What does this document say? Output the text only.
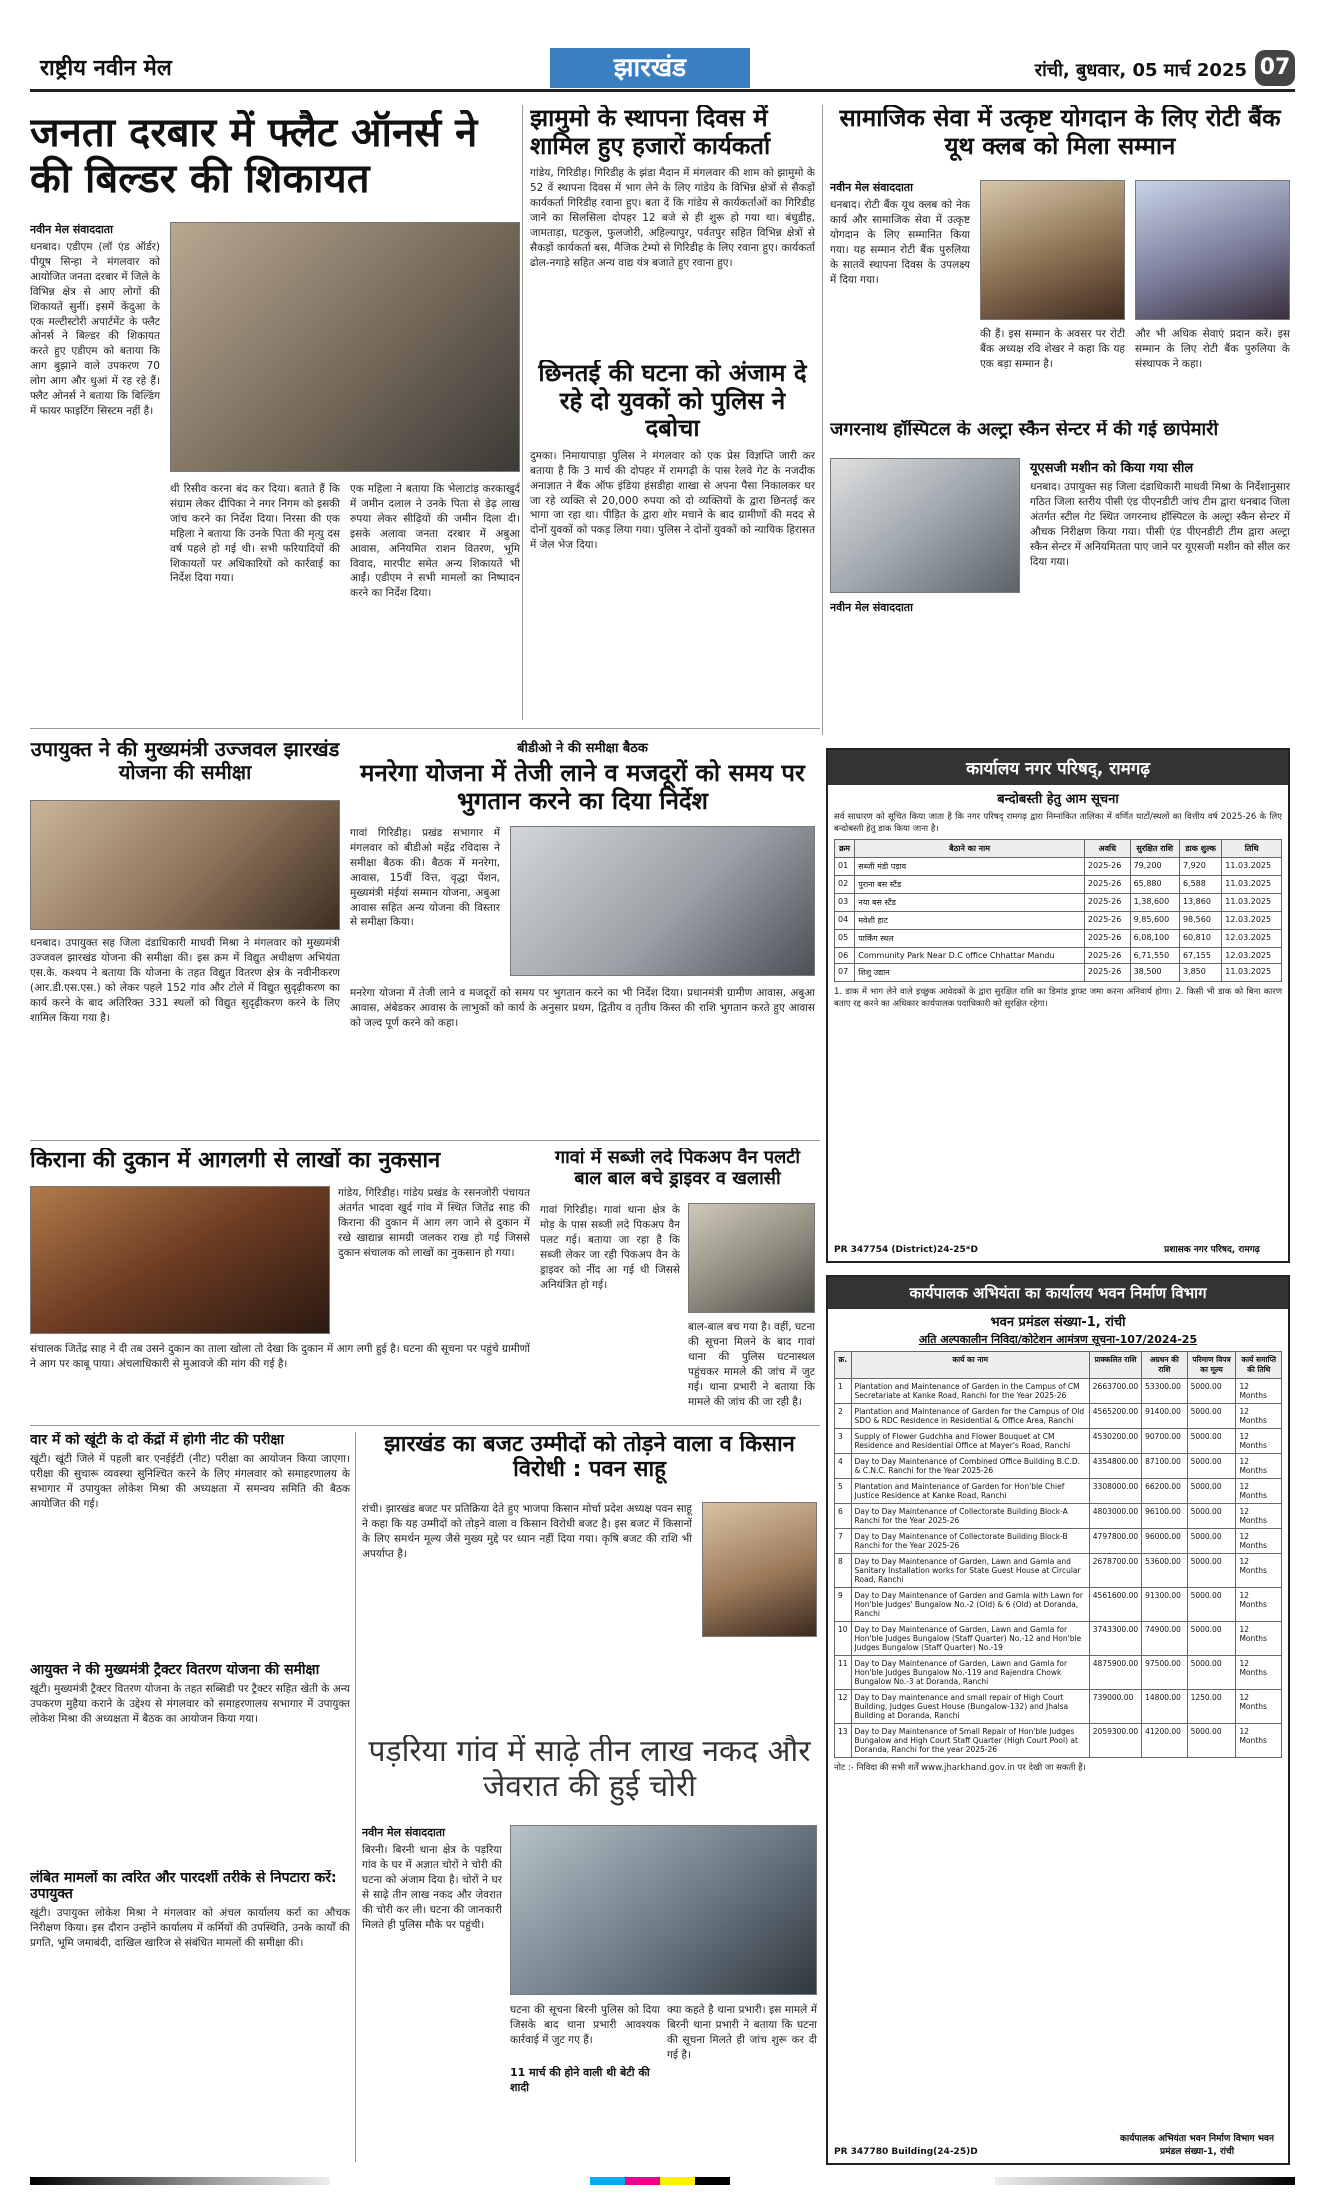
राष्ट्रीय नवीन मेल	झारखंड	रांची, बुधवार, 05 मार्च 2025 07
जनता दरबार में फ्लैट ऑनर्स ने की बिल्डर की शिकायत
नवीन मेल संवाददाता
धनबाद। एडीएम (लॉ एंड ऑर्डर) पीयूष सिन्हा ने मंगलवार को आयोजित जनता दरबार में जिले के विभिन्न क्षेत्र से आए लोगों की शिकायतें सुनीं। इसमें केंदुआ के एक मल्टीस्टोरी अपार्टमेंट के फ्लैट ओनर्स ने बिल्डर की शिकायत करते हुए एडीएम को बताया कि आग बुझाने वाले उपकरण 70 लोग आग और धुआं में रह रहे हैं। फ्लैट ओनर्स ने बताया कि बिल्डिंग में फायर फाइटिंग सिस्टम नहीं है।
थी रिसीव करना बंद कर दिया। बताते हैं कि संग्राम लेकर दीपिका ने नगर निगम को इसकी जांच करने का निर्देश दिया। निरसा की एक महिला ने बताया कि उनके पिता की मृत्यु दस वर्ष पहले हो गई थी। सभी फरियादियों की शिकायतों पर अधिकारियों को कार्रवाई का निर्देश दिया गया।
एक महिला ने बताया कि भेलाटांड़ करकाखुर्द में जमीन दलाल ने उनके पिता से डेढ़ लाख रुपया लेकर सीढ़ियों की जमीन दिला दी। इसके अलावा जनता दरबार में अबुआ आवास, अनियमित राशन वितरण, भूमि विवाद, मारपीट समेत अन्य शिकायतें भी आईं। एडीएम ने सभी मामलों का निष्पादन करने का निर्देश दिया।
झामुमो के स्थापना दिवस में शामिल हुए हजारों कार्यकर्ता
गांडेय, गिरिडीह। गिरिडीह के झंडा मैदान में मंगलवार की शाम को झामुमो के 52 वें स्थापना दिवस में भाग लेने के लिए गांडेय के विभिन्न क्षेत्रों से सैकड़ों कार्यकर्ता गिरिडीह रवाना हुए। बता दें कि गांडेय से कार्यकर्ताओं का गिरिडीह जाने का सिलसिला दोपहर 12 बजे से ही शुरू हो गया था। बंधुडीह, जामताड़ा, घटकुल, फुलजोरी, अहिल्यापुर, पर्वतपुर सहित विभिन्न क्षेत्रों से सैकड़ों कार्यकर्ता बस, मैजिक टेम्पो से गिरिडीह के लिए रवाना हुए। कार्यकर्ता ढोल-नगाड़े सहित अन्य वाद्य यंत्र बजाते हुए रवाना हुए।
छिनतई की घटना को अंजाम दे रहे दो युवकों को पुलिस ने दबोचा
दुमका। निमायापाड़ा पुलिस ने मंगलवार को एक प्रेस विज्ञप्ति जारी कर बताया है कि 3 मार्च की दोपहर में रामगढ़ी के पास रेलवे गेट के नजदीक अनाज्ञात ने बैंक ऑफ इंडिया हंसडीहा शाखा से अपना पैसा निकालकर घर जा रहे व्यक्ति से 20,000 रुपया को दो व्यक्तियों के द्वारा छिनतई कर भागा जा रहा था। पीड़ित के द्वारा शोर मचाने के बाद ग्रामीणों की मदद से दोनों युवकों को पकड़ लिया गया। पुलिस ने दोनों युवकों को न्यायिक हिरासत में जेल भेज दिया।
सामाजिक सेवा में उत्कृष्ट योगदान के लिए रोटी बैंक यूथ क्लब को मिला सम्मान
नवीन मेल संवाददाता
धनबाद। रोटी बैंक यूथ क्लब को नेक कार्य और सामाजिक सेवा में उत्कृष्ट योगदान के लिए सम्मानित किया गया। यह सम्मान रोटी बैंक पुरुलिया के सातवें स्थापना दिवस के उपलक्ष्य में दिया गया।
की हैं। इस सम्मान के अवसर पर रोटी बैंक अध्यक्ष रवि शेखर ने कहा कि यह एक बड़ा सम्मान है।
और भी अधिक सेवाएं प्रदान करें। इस सम्मान के लिए रोटी बैंक पुरुलिया के संस्थापक ने कहा।
जगरनाथ हॉस्पिटल के अल्ट्रा स्कैन सेन्टर में की गई छापेमारी
नवीन मेल संवाददाता
यूएसजी मशीन को किया गया सील
धनबाद। उपायुक्त सह जिला दंडाधिकारी माधवी मिश्रा के निर्देशानुसार गठित जिला स्तरीय पीसी एंड पीएनडीटी जांच टीम द्वारा धनबाद जिला अंतर्गत स्टील गेट स्थित जगरनाथ हॉस्पिटल के अल्ट्रा स्कैन सेन्टर में औचक निरीक्षण किया गया। पीसी एंड पीएनडीटी टीम द्वारा अल्ट्रा स्कैन सेन्टर में अनियमितता पाए जाने पर यूएसजी मशीन को सील कर दिया गया।
उपायुक्त ने की मुख्यमंत्री उज्जवल झारखंड योजना की समीक्षा
धनबाद। उपायुक्त सह जिला दंडाधिकारी माधवी मिश्रा ने मंगलवार को मुख्यमंत्री उज्जवल झारखंड योजना की समीक्षा की। इस क्रम में विद्युत अधीक्षण अभियंता एस.के. कश्यप ने बताया कि योजना के तहत विद्युत वितरण क्षेत्र के नवीनीकरण (आर.डी.एस.एस.) को लेकर पहले 152 गांव और टोले में विद्युत सुदृढ़ीकरण का कार्य करने के बाद अतिरिक्त 331 स्थलों को विद्युत सुदृढ़ीकरण करने के लिए शामिल किया गया है।
बीडीओ ने की समीक्षा बैठक
मनरेगा योजना में तेजी लाने व मजदूरों को समय पर भुगतान करने का दिया निर्देश
गावां गिरिडीह। प्रखंड सभागार में मंगलवार को बीडीओ महेंद्र रविदास ने समीक्षा बैठक की। बैठक में मनरेगा, आवास, 15वीं वित्त, वृद्धा पेंशन, मुख्यमंत्री मंईयां सम्मान योजना, अबुआ आवास सहित अन्य योजना की विस्तार से समीक्षा किया।
मनरेगा योजना में तेजी लाने व मजदूरों को समय पर भुगतान करने का भी निर्देश दिया। प्रधानमंत्री ग्रामीण आवास, अबुआ आवास, अंबेडकर आवास के लाभुकों को कार्य के अनुसार प्रथम, द्वितीय व तृतीय किस्त की राशि भुगतान करते हुए आवास को जल्द पूर्ण करने को कहा।
किराना की दुकान में आगलगी से लाखों का नुकसान
गांडेय, गिरिडीह। गांडेय प्रखंड के रसनजोरी पंचायत अंतर्गत भादवा खुर्द गांव में स्थित जितेंद्र साह की किराना की दुकान में आग लग जाने से दुकान में रखे खाद्यान्न सामग्री जलकर राख हो गई जिससे दुकान संचालक को लाखों का नुकसान हो गया।
संचालक जितेंद्र साह ने दी तब उसने दुकान का ताला खोला तो देखा कि दुकान में आग लगी हुई है। घटना की सूचना पर पहुंचे ग्रामीणों ने आग पर काबू पाया। अंचलाधिकारी से मुआवजे की मांग की गई है।
गावां में सब्जी लदे पिकअप वैन पलटी बाल बाल बचे ड्राइवर व खलासी
गावां गिरिडीह। गावां थाना क्षेत्र के मोड़ के पास सब्जी लदे पिकअप वैन पलट गई। बताया जा रहा है कि सब्जी लेकर जा रही पिकअप वैन के ड्राइवर को नींद आ गई थी जिससे अनियंत्रित हो गई।
बाल-बाल बच गया है। वहीं, घटना की सूचना मिलने के बाद गावां थाना की पुलिस घटनास्थल पहुंचकर मामले की जांच में जुट गई। थाना प्रभारी ने बताया कि मामले की जांच की जा रही है।
वार में को खूंटी के दो केंद्रों में होगी नीट की परीक्षा
खूंटी। खूंटी जिले में पहली बार एनईईटी (नीट) परीक्षा का आयोजन किया जाएगा। परीक्षा की सुचारू व्यवस्था सुनिश्चित करने के लिए मंगलवार को समाहरणालय के सभागार में उपायुक्त लोकेश मिश्रा की अध्यक्षता में समन्वय समिति की बैठक आयोजित की गई।
आयुक्त ने की मुख्यमंत्री ट्रैक्टर वितरण योजना की समीक्षा
खूंटी। मुख्यमंत्री ट्रैक्टर वितरण योजना के तहत सब्सिडी पर ट्रैक्टर सहित खेती के अन्य उपकरण मुहैया कराने के उद्देश्य से मंगलवार को समाहरणालय सभागार में उपायुक्त लोकेश मिश्रा की अध्यक्षता में बैठक का आयोजन किया गया।
लंबित मामलों का त्वरित और पारदर्शी तरीके से निपटारा करें: उपायुक्त
खूंटी। उपायुक्त लोकेश मिश्रा ने मंगलवार को अंचल कार्यालय कर्रा का औचक निरीक्षण किया। इस दौरान उन्होंने कार्यालय में कर्मियों की उपस्थिति, उनके कार्यों की प्रगति, भूमि जमाबंदी, दाखिल खारिज से संबंधित मामलों की समीक्षा की।
झारखंड का बजट उम्मीदों को तोड़ने वाला व किसान विरोधी : पवन साहू
रांची। झारखंड बजट पर प्रतिक्रिया देते हुए भाजपा किसान मोर्चा प्रदेश अध्यक्ष पवन साहू ने कहा कि यह उम्मीदों को तोड़ने वाला व किसान विरोधी बजट है। इस बजट में किसानों के लिए समर्थन मूल्य जैसे मुख्य मुद्दे पर ध्यान नहीं दिया गया। कृषि बजट की राशि भी अपर्याप्त है।
पड़रिया गांव में साढ़े तीन लाख नकद और जेवरात की हुई चोरी
नवीन मेल संवाददाता
बिरनी। बिरनी थाना क्षेत्र के पड़रिया गांव के घर में अज्ञात चोरों ने चोरी की घटना को अंजाम दिया है। चोरों ने घर से साढ़े तीन लाख नकद और जेवरात की चोरी कर ली। घटना की जानकारी मिलते ही पुलिस मौके पर पहुंची।
घटना की सूचना बिरनी पुलिस को दिया जिसके बाद थाना प्रभारी आवश्यक कार्रवाई में जुट गए हैं।
क्या कहते है थाना प्रभारी। इस मामले में बिरनी थाना प्रभारी ने बताया कि घटना की सूचना मिलते ही जांच शुरू कर दी गई है।
11 मार्च की होने वाली थी बेटी की शादी
कार्यालय नगर परिषद्, रामगढ़
बन्दोबस्ती हेतु आम सूचना
सर्व साधारण को सूचित किया जाता है कि नगर परिषद् रामगढ़ द्वारा निम्नांकित तालिका में वर्णित घाटों/स्थलों का वित्तीय वर्ष 2025-26 के लिए बन्दोबस्ती हेतु डाक किया जाना है।
क्रम	बैठाने का नाम	अवधि	सुरक्षित राशि	डाक शुल्क	तिथि
01	सब्जी मंडी पड़ाव	2025-26	79,200	7,920	11.03.2025
02	पुराना बस स्टैंड	2025-26	65,880	6,588	11.03.2025
03	नया बस स्टैंड	2025-26	1,38,600	13,860	11.03.2025
04	मवेशी हाट	2025-26	9,85,600	98,560	12.03.2025
05	पार्किंग स्थल	2025-26	6,08,100	60,810	12.03.2025
06	Community Park Near D.C office Chhattar Mandu	2025-26	6,71,550	67,155	12.03.2025
07	शिशु उद्यान	2025-26	38,500	3,850	11.03.2025
1. डाक में भाग लेने वाले इच्छुक आवेदकों के द्वारा सुरक्षित राशि का डिमांड ड्राफ्ट जमा करना अनिवार्य होगा। 2. किसी भी डाक को बिना कारण बताए रद्द करने का अधिकार कार्यपालक पदाधिकारी को सुरक्षित रहेगा।
PR 347754 (District)24-25*D	प्रशासक नगर परिषद, रामगढ़
कार्यपालक अभियंता का कार्यालय भवन निर्माण विभाग
भवन प्रमंडल संख्या-1, रांची
अति अल्पकालीन निविदा/कोटेशन आमंत्रण सूचना-107/2024-25
क्र.	कार्य का नाम	प्राक्कलित राशि	अग्रधन की राशि	परिमाण विपत्र का मूल्य	कार्य समाप्ति की तिथि
1	Plantation and Maintenance of Garden in the Campus of CM Secretariate at Kanke Road, Ranchi for the Year 2025-26	2663700.00	53300.00	5000.00	12 Months
2	Plantation and Maintenance of Garden for the Campus of Old SDO & RDC Residence in Residential & Office Area, Ranchi	4565200.00	91400.00	5000.00	12 Months
3	Supply of Flower Gudchha and Flower Bouquet at CM Residence and Residential Office at Mayer's Road, Ranchi	4530200.00	90700.00	5000.00	12 Months
4	Day to Day Maintenance of Combined Office Building B.C.D. & C.N.C. Ranchi for the Year 2025-26	4354800.00	87100.00	5000.00	12 Months
5	Plantation and Maintenance of Garden for Hon'ble Chief Justice Residence at Kanke Road, Ranchi	3308000.00	66200.00	5000.00	12 Months
6	Day to Day Maintenance of Collectorate Building Block-A Ranchi for the Year 2025-26	4803000.00	96100.00	5000.00	12 Months
7	Day to Day Maintenance of Collectorate Building Block-B Ranchi for the Year 2025-26	4797800.00	96000.00	5000.00	12 Months
8	Day to Day Maintenance of Garden, Lawn and Gamla and Sanitary Installation works for State Guest House at Circular Road, Ranchi	2678700.00	53600.00	5000.00	12 Months
9	Day to Day Maintenance of Garden and Gamla with Lawn for Hon'ble Judges' Bungalow No.-2 (Old) & 6 (Old) at Doranda, Ranchi	4561600.00	91300.00	5000.00	12 Months
10	Day to Day Maintenance of Garden, Lawn and Gamla for Hon'ble Judges Bungalow (Staff Quarter) No.-12 and Hon'ble Judges Bungalow (Staff Quarter) No.-19	3743300.00	74900.00	5000.00	12 Months
11	Day to Day Maintenance of Garden, Lawn and Gamla for Hon'ble Judges Bungalow No.-119 and Rajendra Chowk Bungalow No.-3 at Doranda, Ranchi	4875900.00	97500.00	5000.00	12 Months
12	Day to Day maintenance and small repair of High Court Building, Judges Guest House (Bungalow-132) and Jhalsa Building at Doranda, Ranchi	739000.00	14800.00	1250.00	12 Months
13	Day to Day Maintenance of Small Repair of Hon'ble Judges Bungalow and High Court Staff Quarter (High Court Pool) at Doranda, Ranchi for the year 2025-26	2059300.00	41200.00	5000.00	12 Months
नोट :- निविदा की सभी शर्तें www.jharkhand.gov.in पर देखी जा सकती हैं।
PR 347780 Building(24-25)D
कार्यपालक अभियंता भवन निर्माण विभाग भवन प्रमंडल संख्या-1, रांची
